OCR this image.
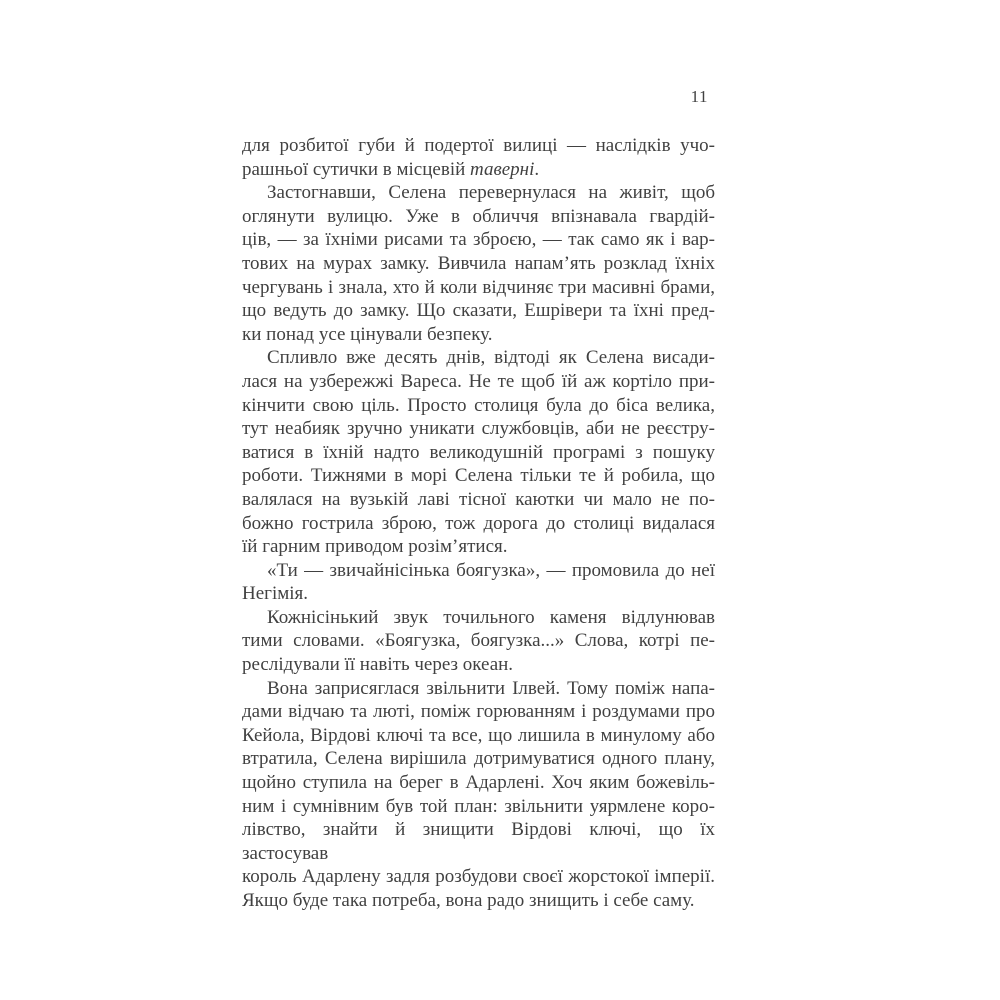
11

для розбитої губи й подертої вилиці — наслідків учо-
рашньої сутички в місцевій таверні.

Застогнавши, Селена перевернулася на живіт, щоб
оглянути вулицю. Уже в обличчя впізнавала гвардій-
ців, — за їхніми рисами та зброєю, — так само як і вар-
тових на мурах замку. Вивчила напам’ять розклад їхніх
чергувань і знала, хто й коли відчиняє три масивні брами,
що ведуть до замку. Що сказати, Ешрівери та їхні пред-
ки понад усе цінували безпеку.

Спливло вже десять днів, відтоді як Селена висади-
лася на узбережжі Вареса. Не те щоб їй аж кортіло при-
кінчити свою ціль. Просто столиця була до біса велика,
тут неабияк зручно уникати службовців, аби не реєстру-
ватися в їхній надто великодушній програмі з пошуку
роботи. Тижнями в морі Селена тільки те й робила, що
валялася на вузькій лаві тісної каютки чи мало не по-
божно гострила зброю, тож дорога до столиці видалася
їй гарним приводом розім’ятися.

«Ти — звичайнісінька боягузка», — промовила до неї
Негімія.

Кожнісінький звук точильного каменя відлунював
тими словами. «Боягузка, боягузка...» Слова, котрі пе-
реслідували її навіть через океан.

Вона заприсяглася звільнити Ілвей. Тому поміж напа-
дами відчаю та люті, поміж горюванням і роздумами про
Кейола, Вірдові ключі та все, що лишила в минулому або
втратила, Селена вирішила дотримуватися одного плану,
щойно ступила на берег в Адарлені. Хоч яким божевіль-
ним і сумнівним був той план: звільнити уярмлене коро-
лівство, знайти й знищити Вірдові ключі, що їх застосував
король Адарлену задля розбудови своєї жорстокої імперії.
Якщо буде така потреба, вона радо знищить і себе саму.
